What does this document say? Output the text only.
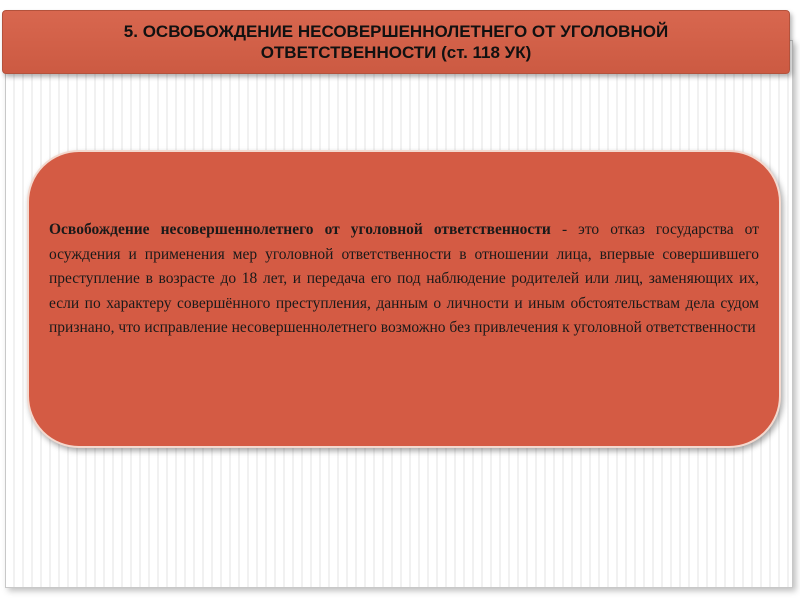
5. ОСВОБОЖДЕНИЕ НЕСОВЕРШЕННОЛЕТНЕГО ОТ УГОЛОВНОЙ ОТВЕТСТВЕННОСТИ (ст. 118 УК)

Освобождение несовершеннолетнего от уголовной ответственности - это отказ государства от осуждения и применения мер уголовной ответственности в отношении лица, впервые совершившего преступление в возрасте до 18 лет, и передача его под наблюдение родителей или лиц, заменяющих их, если по характеру совершённого преступления, данным о личности и иным обстоятельствам дела судом признано, что исправление несовершеннолетнего возможно без привлечения к уголовной ответственности
